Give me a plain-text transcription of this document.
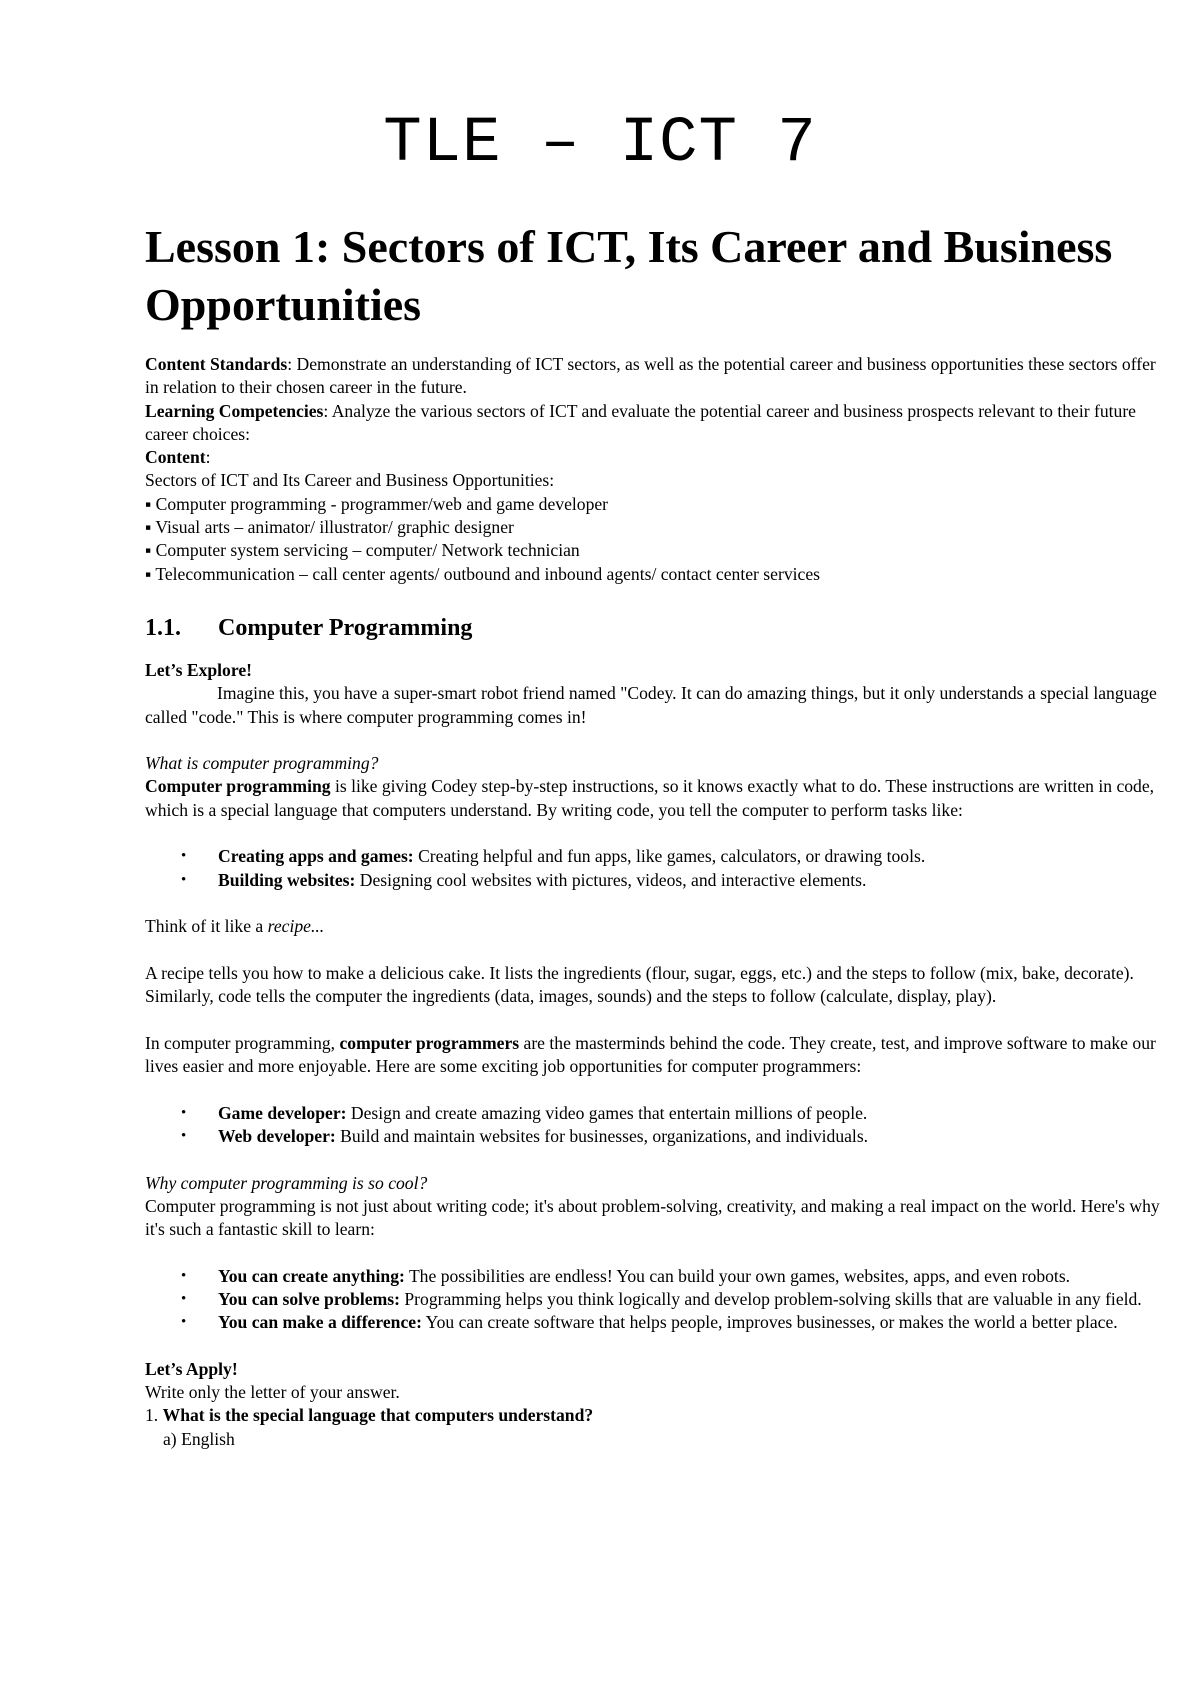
TLE – ICT 7
Lesson 1: Sectors of ICT, Its Career and Business Opportunities

Content Standards: Demonstrate an understanding of ICT sectors, as well as the potential career and business opportunities these sectors offer in relation to their chosen career in the future.

Learning Competencies: Analyze the various sectors of ICT and evaluate the potential career and business prospects relevant to their future career choices:

Content:

Sectors of ICT and Its Career and Business Opportunities:

▪ Computer programming - programmer/web and game developer

▪ Visual arts – animator/ illustrator/ graphic designer

▪ Computer system servicing – computer/ Network technician

▪ Telecommunication – call center agents/ outbound and inbound agents/ contact center services

1.1. Computer Programming

Let’s Explore!

Imagine this, you have a super-smart robot friend named "Codey. It can do amazing things, but it only understands a special language called "code." This is where computer programming comes in!

What is computer programming?

Computer programming is like giving Codey step-by-step instructions, so it knows exactly what to do. These instructions are written in code, which is a special language that computers understand. By writing code, you tell the computer to perform tasks like:

• Creating apps and games: Creating helpful and fun apps, like games, calculators, or drawing tools.
• Building websites: Designing cool websites with pictures, videos, and interactive elements.

Think of it like a recipe...

A recipe tells you how to make a delicious cake. It lists the ingredients (flour, sugar, eggs, etc.) and the steps to follow (mix, bake, decorate). Similarly, code tells the computer the ingredients (data, images, sounds) and the steps to follow (calculate, display, play).

In computer programming, computer programmers are the masterminds behind the code. They create, test, and improve software to make our lives easier and more enjoyable. Here are some exciting job opportunities for computer programmers:

• Game developer: Design and create amazing video games that entertain millions of people.
• Web developer: Build and maintain websites for businesses, organizations, and individuals.

Why computer programming is so cool?

Computer programming is not just about writing code; it's about problem-solving, creativity, and making a real impact on the world. Here's why it's such a fantastic skill to learn:

• You can create anything: The possibilities are endless! You can build your own games, websites, apps, and even robots.
• You can solve problems: Programming helps you think logically and develop problem-solving skills that are valuable in any field.
• You can make a difference: You can create software that helps people, improves businesses, or makes the world a better place.

Let’s Apply!

Write only the letter of your answer.

1. What is the special language that computers understand?

a) English
